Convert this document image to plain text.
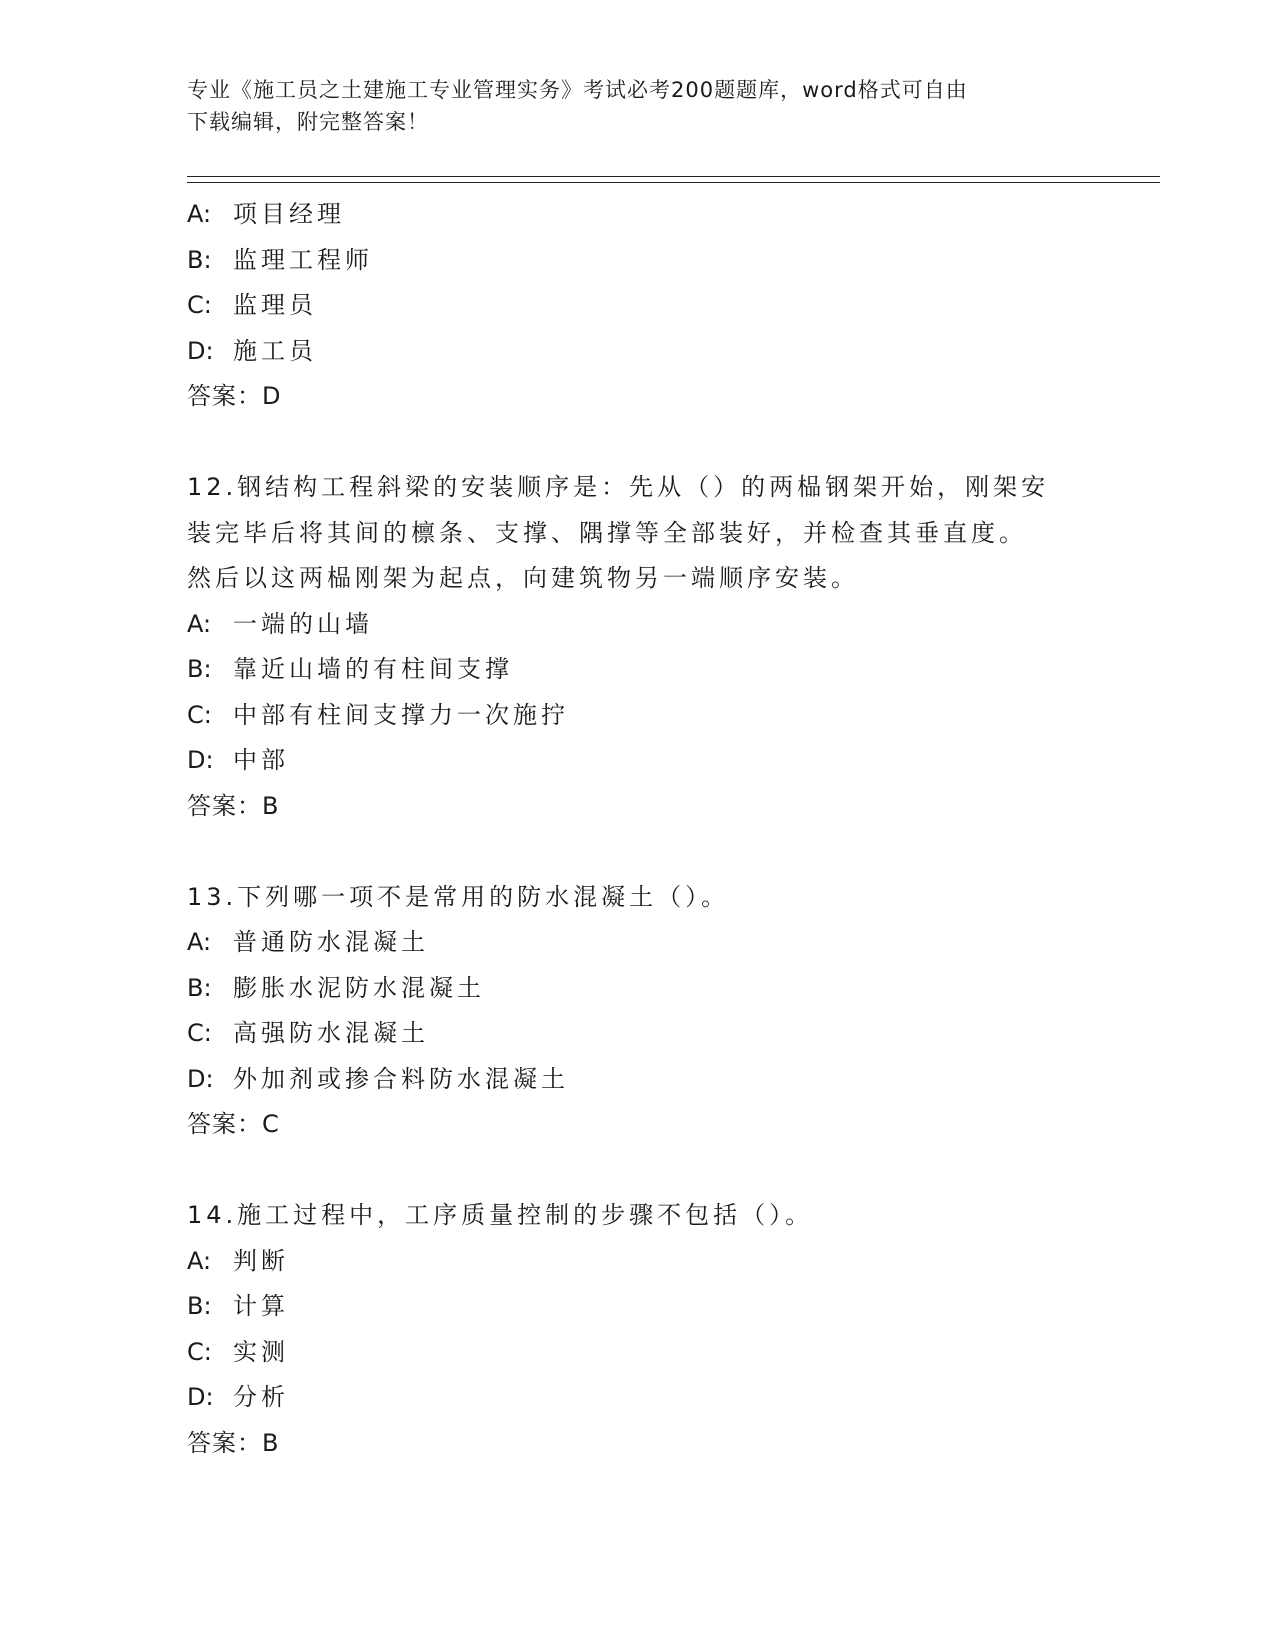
专业《施工员之土建施工专业管理实务》考试必考200题题库，word格式可自由
下载编辑，附完整答案！
A: 项目经理
B: 监理工程师
C: 监理员
D: 施工员
答案：D
12.钢结构工程斜梁的安装顺序是：先从（）的两榀钢架开始，刚架安
装完毕后将其间的檩条、支撑、隅撑等全部装好，并检查其垂直度。
然后以这两榀刚架为起点，向建筑物另一端顺序安装。
A: 一端的山墙
B: 靠近山墙的有柱间支撑
C: 中部有柱间支撑力一次施拧
D: 中部
答案：B
13.下列哪一项不是常用的防水混凝土（）。
A: 普通防水混凝土
B: 膨胀水泥防水混凝土
C: 高强防水混凝土
D: 外加剂或掺合料防水混凝土
答案：C
14.施工过程中，工序质量控制的步骤不包括（）。
A: 判断
B: 计算
C: 实测
D: 分析
答案：B
